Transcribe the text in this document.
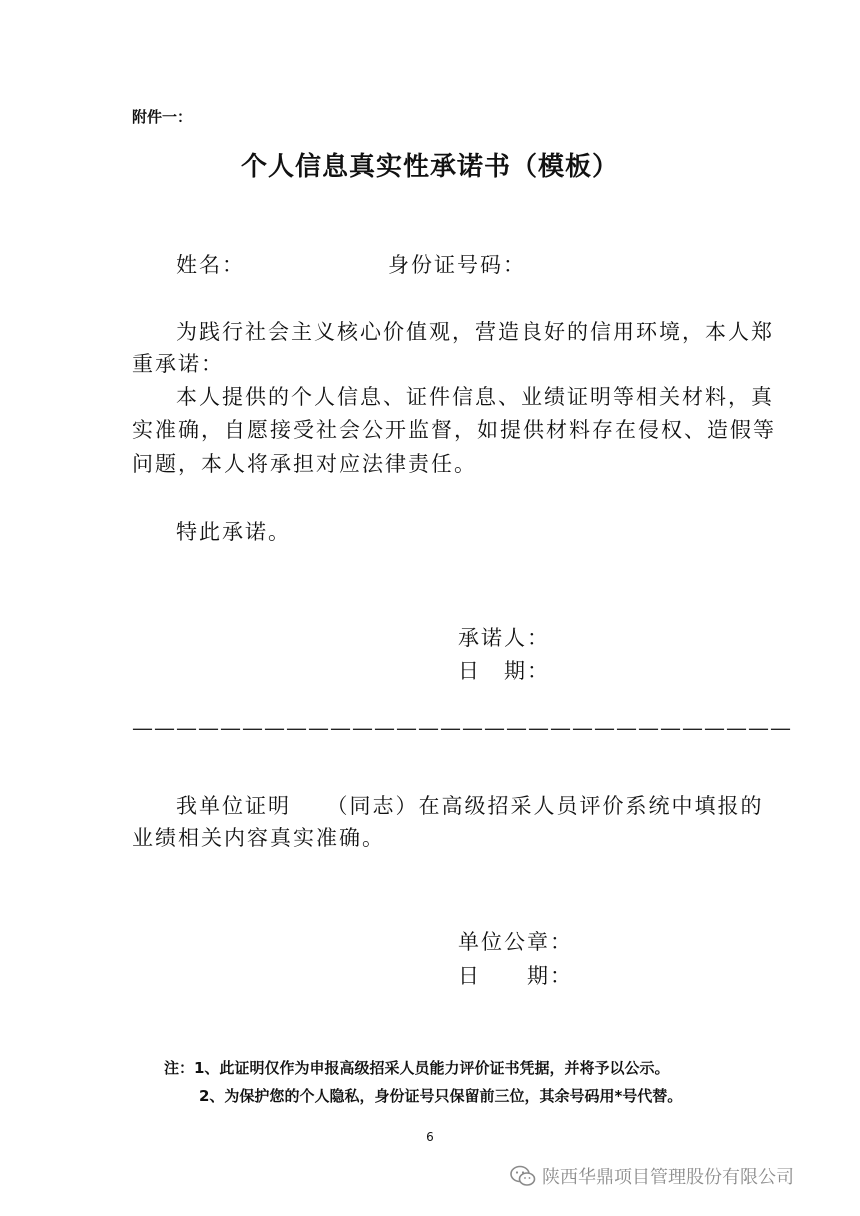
附件一：
个人信息真实性承诺书（模板）
姓名：	身份证号码：
为践行社会主义核心价值观，营造良好的信用环境，本人郑
重承诺：
本人提供的个人信息、证件信息、业绩证明等相关材料，真
实准确，自愿接受社会公开监督，如提供材料存在侵权、造假等
问题，本人将承担对应法律责任。
特此承诺。
承诺人：
日　期：
——————————————————————————————
我单位证明　　（同志）在高级招采人员评价系统中填报的
业绩相关内容真实准确。
单位公章：
日　　期：
注：1、此证明仅作为申报高级招采人员能力评价证书凭据，并将予以公示。
2、为保护您的个人隐私，身份证号只保留前三位，其余号码用*号代替。
6
陕西华鼎项目管理股份有限公司
